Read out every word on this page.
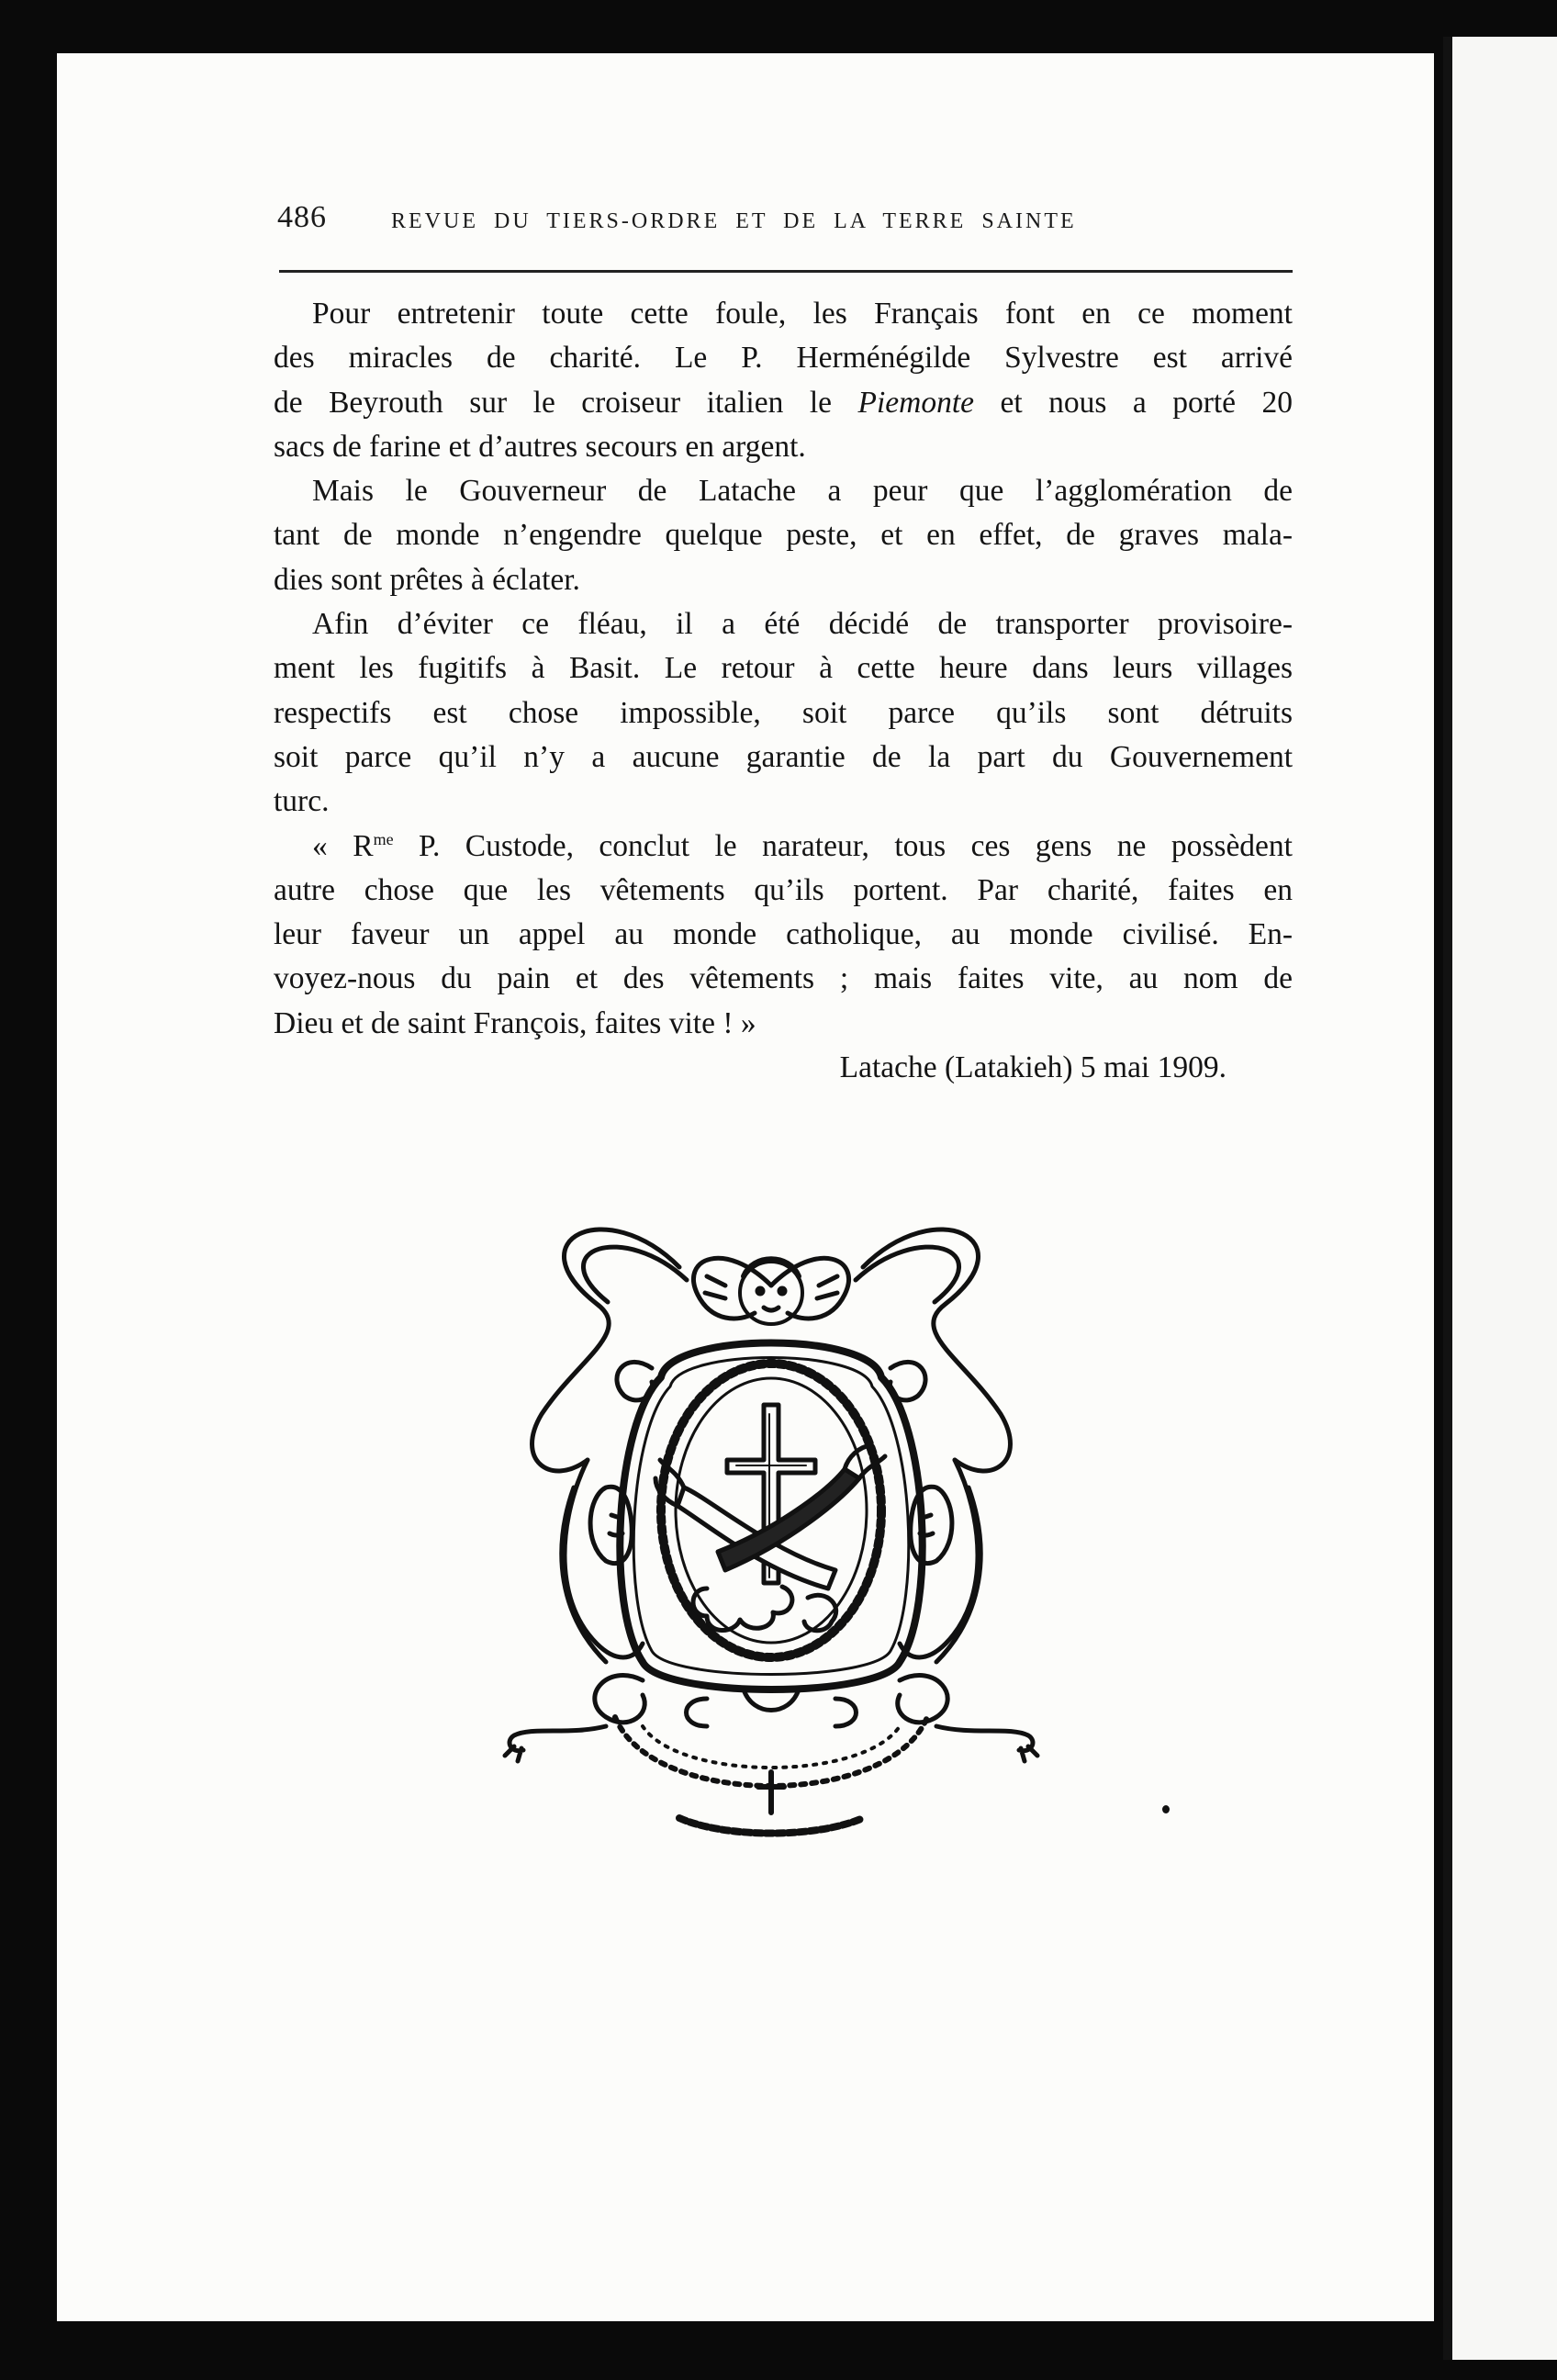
486	REVUE DU TIERS-ORDRE ET DE LA TERRE SAINTE
Pour entretenir toute cette foule, les Français font en ce moment
des miracles de charité. Le P. Herménégilde Sylvestre est arrivé
de Beyrouth sur le croiseur italien le Piemonte et nous a porté 20
sacs de farine et d’autres secours en argent.
Mais le Gouverneur de Latache a peur que l’agglomération de
tant de monde n’engendre quelque peste, et en effet, de graves mala-
dies sont prêtes à éclater.
Afin d’éviter ce fléau, il a été décidé de transporter provisoire-
ment les fugitifs à Basit. Le retour à cette heure dans leurs villages
respectifs est chose impossible, soit parce qu’ils sont détruits
soit parce qu’il n’y a aucune garantie de la part du Gouvernement
turc.
« $R^{me}$ P. Custode, conclut le narateur, tous ces gens ne possèdent
autre chose que les vêtements qu’ils portent. Par charité, faites en
leur faveur un appel au monde catholique, au monde civilisé. En-
voyez-nous du pain et des vêtements ; mais faites vite, au nom de
Dieu et de saint François, faites vite ! »
Latache (Latakieh) 5 mai 1909.
